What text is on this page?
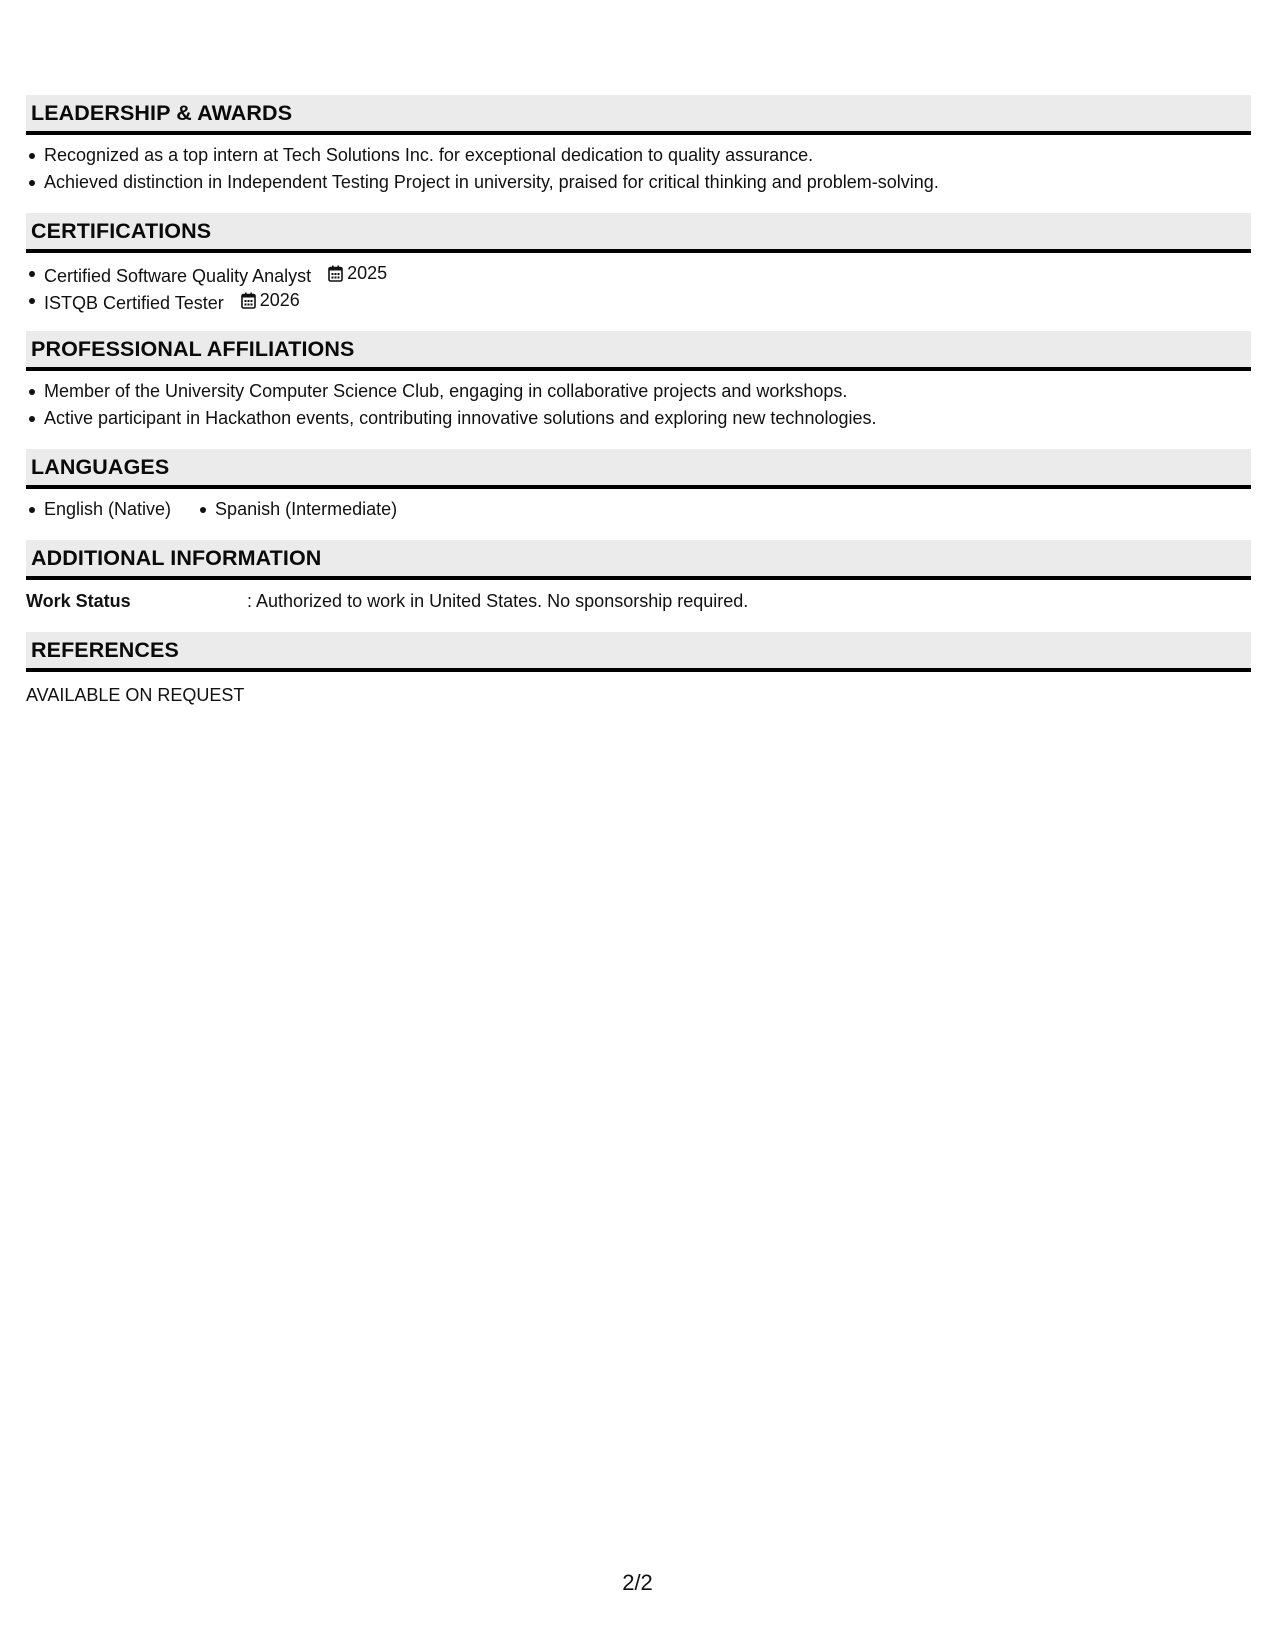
LEADERSHIP & AWARDS
Recognized as a top intern at Tech Solutions Inc. for exceptional dedication to quality assurance.
Achieved distinction in Independent Testing Project in university, praised for critical thinking and problem-solving.
CERTIFICATIONS
Certified Software Quality Analyst 2025
ISTQB Certified Tester 2026
PROFESSIONAL AFFILIATIONS
Member of the University Computer Science Club, engaging in collaborative projects and workshops.
Active participant in Hackathon events, contributing innovative solutions and exploring new technologies.
LANGUAGES
English (Native) Spanish (Intermediate)
ADDITIONAL INFORMATION
Work Status	: Authorized to work in United States. No sponsorship required.
REFERENCES
AVAILABLE ON REQUEST
2/2
